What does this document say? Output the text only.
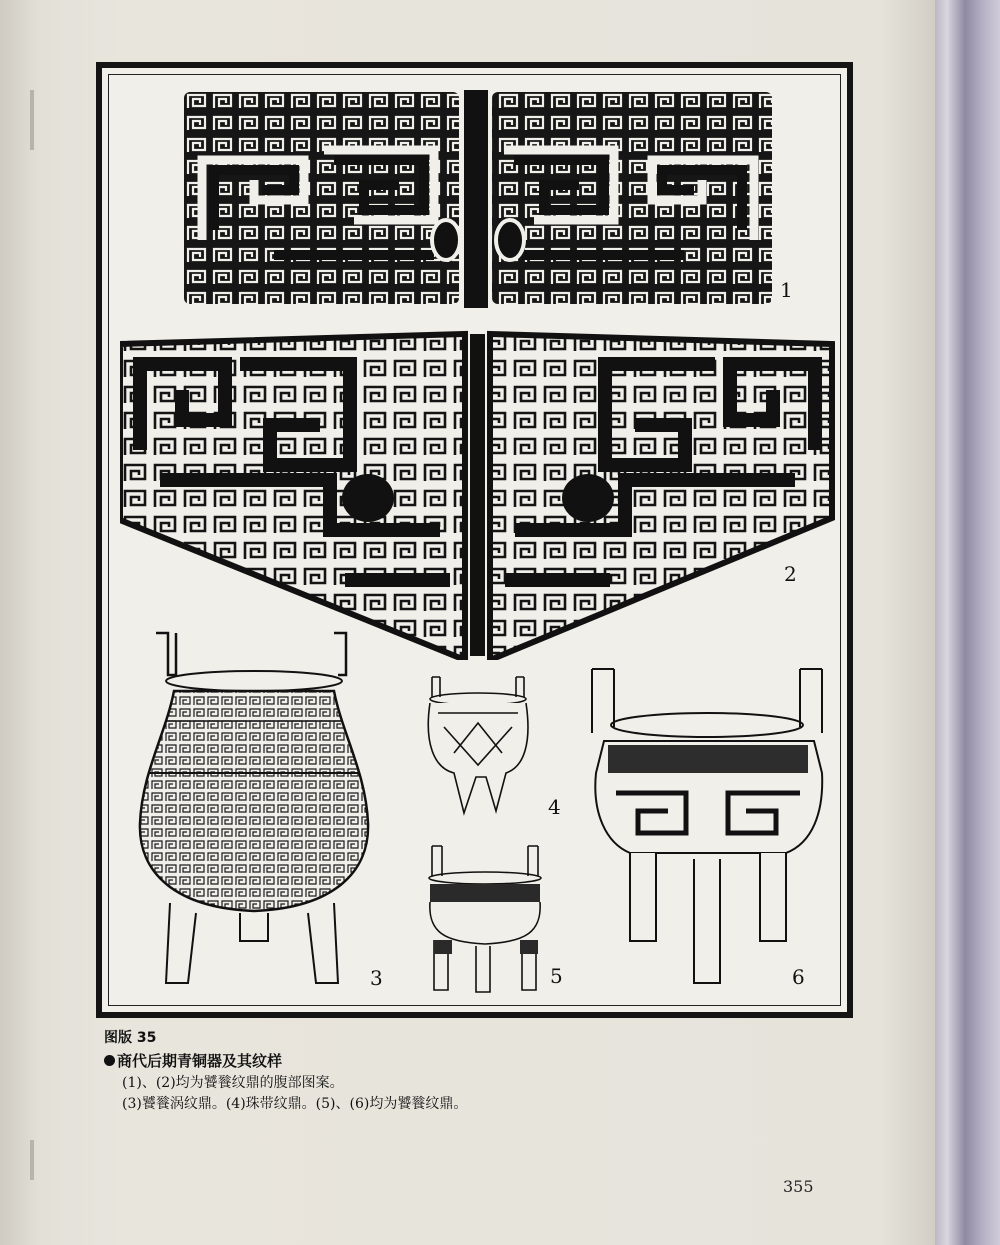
1
2
3
4
5	6
图版 35
商代后期青铜器及其纹样
(1)、(2)均为饕餮纹鼎的腹部图案。
(3)饕餮涡纹鼎。(4)珠带纹鼎。(5)、(6)均为饕餮纹鼎。
355
